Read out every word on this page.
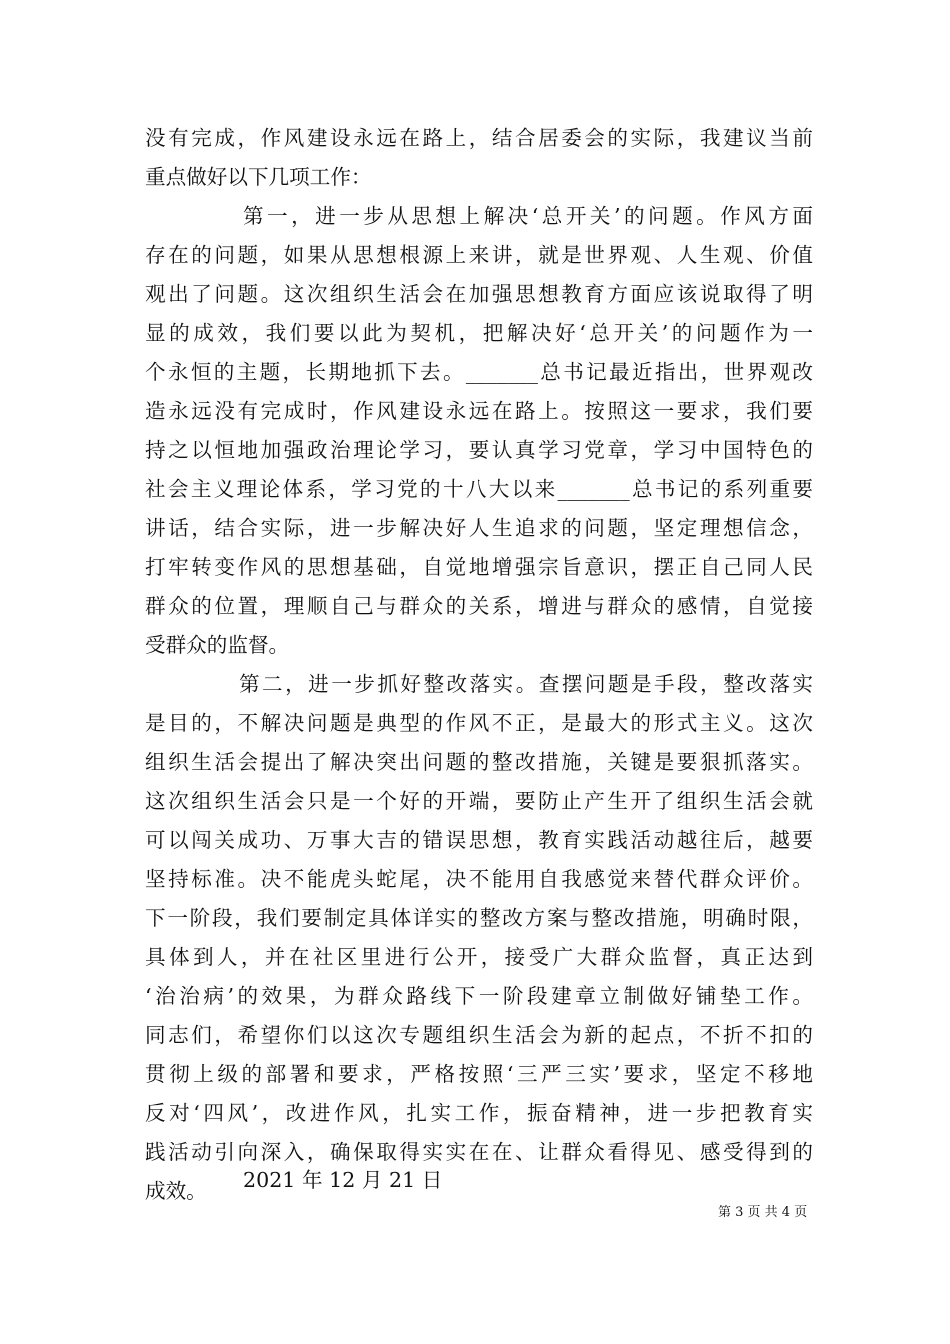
没有完成，作风建设永远在路上，结合居委会的实际，我建议当前
重点做好以下几项工作：
第一，进一步从思想上解决‘总开关’的问题。作风方面
存在的问题，如果从思想根源上来讲，就是世界观、人生观、价值
观出了问题。这次组织生活会在加强思想教育方面应该说取得了明
显的成效，我们要以此为契机，把解决好‘总开关’的问题作为一
个永恒的主题，长期地抓下去。_______总书记最近指出，世界观改
造永远没有完成时，作风建设永远在路上。按照这一要求，我们要
持之以恒地加强政治理论学习，要认真学习党章，学习中国特色的
社会主义理论体系，学习党的十八大以来_______总书记的系列重要
讲话，结合实际，进一步解决好人生追求的问题，坚定理想信念，
打牢转变作风的思想基础，自觉地增强宗旨意识，摆正自己同人民
群众的位置，理顺自己与群众的关系，增进与群众的感情，自觉接
受群众的监督。
第二，进一步抓好整改落实。查摆问题是手段，整改落实
是目的，不解决问题是典型的作风不正，是最大的形式主义。这次
组织生活会提出了解决突出问题的整改措施，关键是要狠抓落实。
这次组织生活会只是一个好的开端，要防止产生开了组织生活会就
可以闯关成功、万事大吉的错误思想，教育实践活动越往后，越要
坚持标准。决不能虎头蛇尾，决不能用自我感觉来替代群众评价。
下一阶段，我们要制定具体详实的整改方案与整改措施，明确时限，
具体到人，并在社区里进行公开，接受广大群众监督，真正达到
‘治治病’的效果，为群众路线下一阶段建章立制做好铺垫工作。
同志们，希望你们以这次专题组织生活会为新的起点，不折不扣的
贯彻上级的部署和要求，严格按照‘三严三实’要求，坚定不移地
反对‘四风’，改进作风，扎实工作，振奋精神，进一步把教育实
践活动引向深入，确保取得实实在在、让群众看得见、感受得到的
成效。	2021 年 12 月 21 日
第 3 页 共 4 页
